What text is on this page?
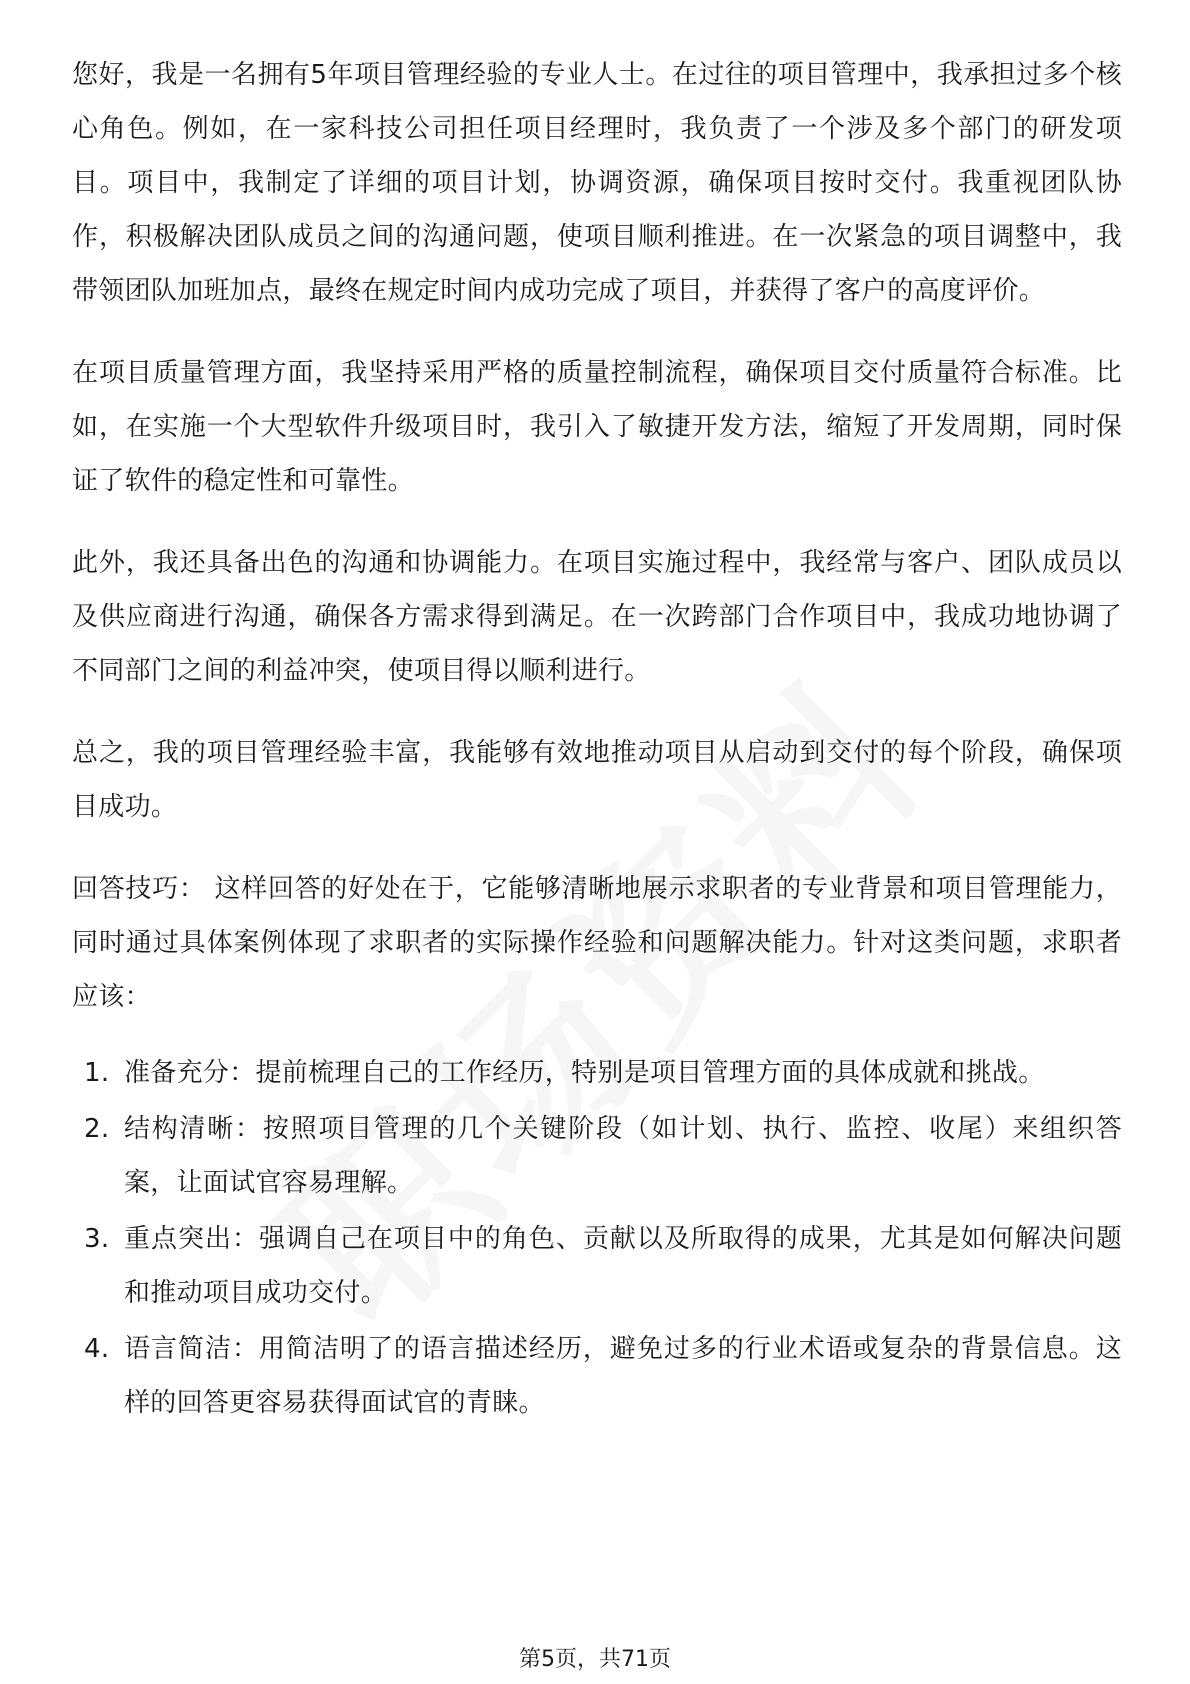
您好，我是一名拥有5年项目管理经验的专业人士。在过往的项目管理中，我承担过多个核心角色。例如，在一家科技公司担任项目经理时，我负责了一个涉及多个部门的研发项目。项目中，我制定了详细的项目计划，协调资源，确保项目按时交付。我重视团队协作，积极解决团队成员之间的沟通问题，使项目顺利推进。在一次紧急的项目调整中，我带领团队加班加点，最终在规定时间内成功完成了项目，并获得了客户的高度评价。

在项目质量管理方面，我坚持采用严格的质量控制流程，确保项目交付质量符合标准。比如，在实施一个大型软件升级项目时，我引入了敏捷开发方法，缩短了开发周期，同时保证了软件的稳定性和可靠性。

此外，我还具备出色的沟通和协调能力。在项目实施过程中，我经常与客户、团队成员以及供应商进行沟通，确保各方需求得到满足。在一次跨部门合作项目中，我成功地协调了不同部门之间的利益冲突，使项目得以顺利进行。

总之，我的项目管理经验丰富，我能够有效地推动项目从启动到交付的每个阶段，确保项目成功。

回答技巧： 这样回答的好处在于，它能够清晰地展示求职者的专业背景和项目管理能力，同时通过具体案例体现了求职者的实际操作经验和问题解决能力。针对这类问题，求职者应该：

1. 准备充分：提前梳理自己的工作经历，特别是项目管理方面的具体成就和挑战。
2. 结构清晰：按照项目管理的几个关键阶段（如计划、执行、监控、收尾）来组织答案，让面试官容易理解。
3. 重点突出：强调自己在项目中的角色、贡献以及所取得的成果，尤其是如何解决问题和推动项目成功交付。
4. 语言简洁：用简洁明了的语言描述经历，避免过多的行业术语或复杂的背景信息。这样的回答更容易获得面试官的青睐。
第5页，共71页
